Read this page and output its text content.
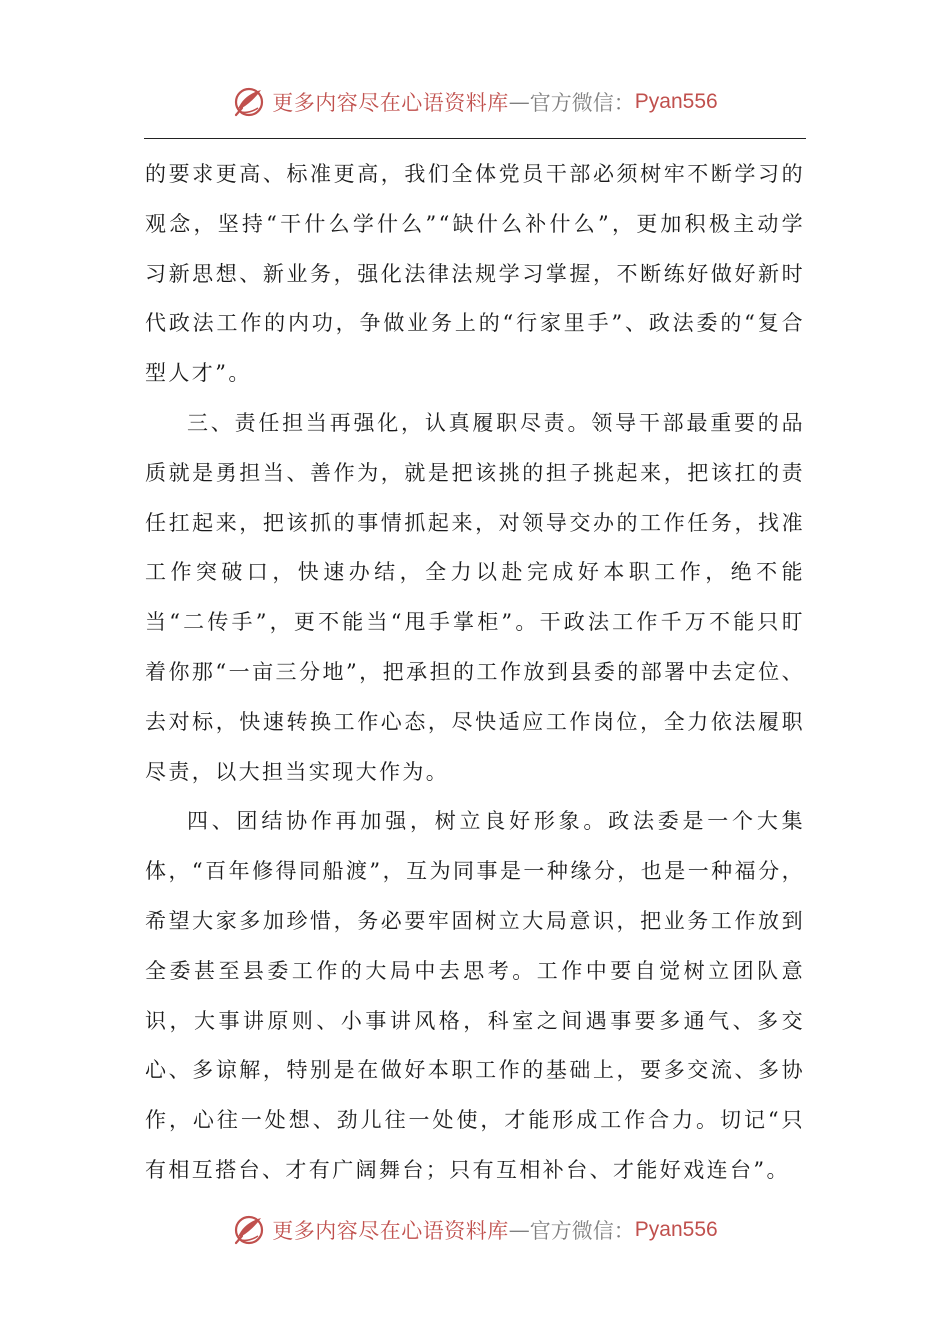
更多内容尽在心语资料库 — 官方微信： Pyan556

的要求更高、标准更高，我们全体党员干部必须树牢不断学习的观念，坚持“干什么学什么”“缺什么补什么”，更加积极主动学习新思想、新业务，强化法律法规学习掌握，不断练好做好新时代政法工作的内功，争做业务上的“行家里手”、政法委的“复合型人才”。

三、责任担当再强化，认真履职尽责。领导干部最重要的品质就是勇担当、善作为，就是把该挑的担子挑起来，把该扛的责任扛起来，把该抓的事情抓起来，对领导交办的工作任务，找准工作突破口，快速办结，全力以赴完成好本职工作，绝不能当“二传手”，更不能当“甩手掌柜”。干政法工作千万不能只盯着你那“一亩三分地”，把承担的工作放到县委的部署中去定位、去对标，快速转换工作心态，尽快适应工作岗位，全力依法履职尽责，以大担当实现大作为。

四、团结协作再加强，树立良好形象。政法委是一个大集体，“百年修得同船渡”，互为同事是一种缘分，也是一种福分，希望大家多加珍惜，务必要牢固树立大局意识，把业务工作放到全委甚至县委工作的大局中去思考。工作中要自觉树立团队意识，大事讲原则、小事讲风格，科室之间遇事要多通气、多交心、多谅解，特别是在做好本职工作的基础上，要多交流、多协作，心往一处想、劲儿往一处使，才能形成工作合力。切记“只有相互搭台、才有广阔舞台；只有互相补台、才能好戏连台”。

更多内容尽在心语资料库 — 官方微信： Pyan556
